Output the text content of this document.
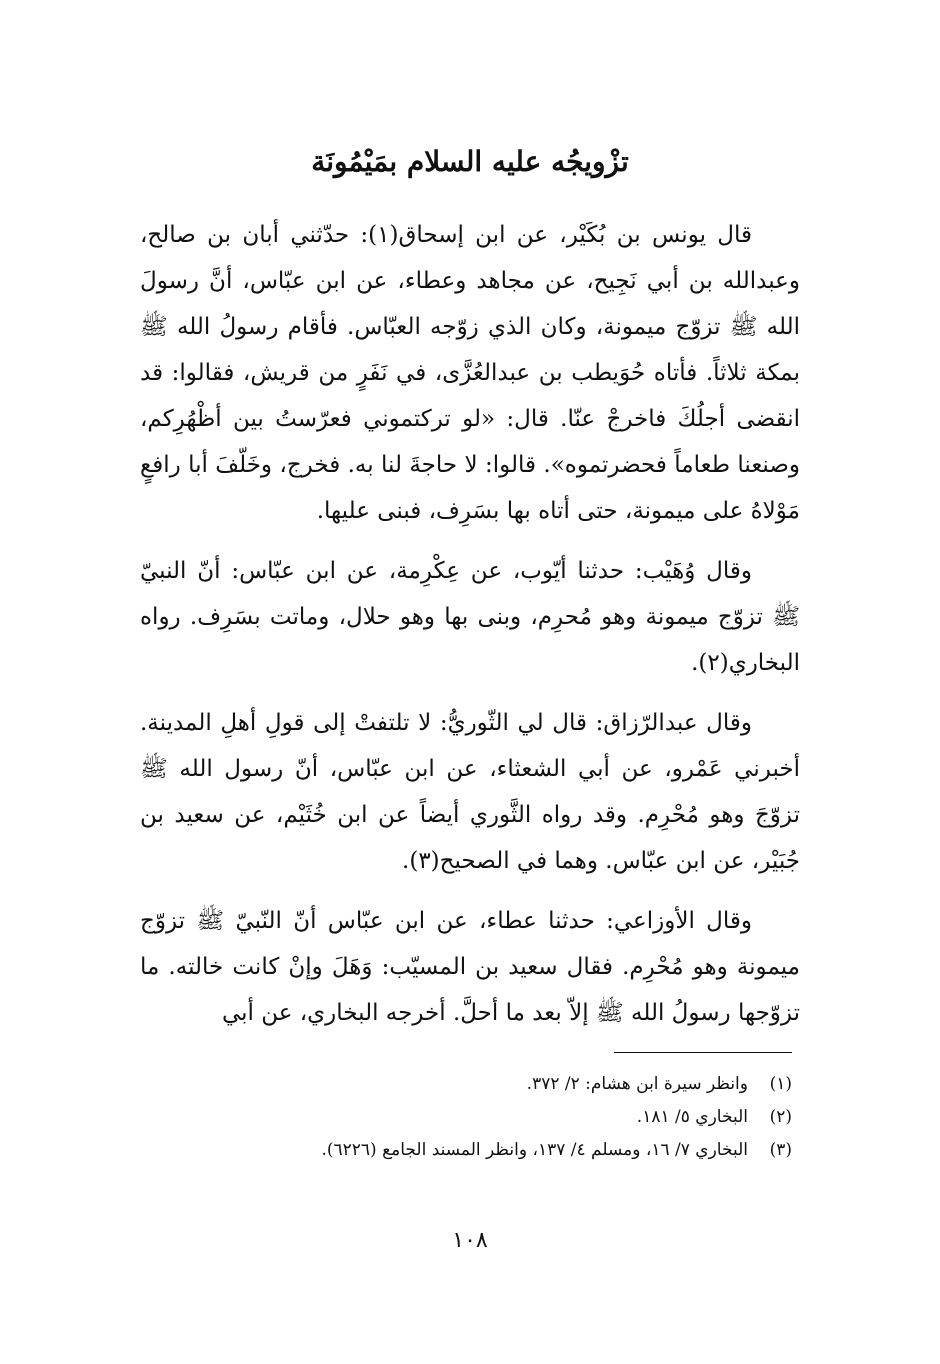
تزْويجُه عليه السلام بمَيْمُونَة

قال يونس بن بُكَيْر، عن ابن إسحاق(١): حدّثني أبان بن صالح، وعبدالله بن أبي نَجِيح، عن مجاهد وعطاء، عن ابن عبّاس، أنَّ رسولَ الله ﷺ تزوّج ميمونة، وكان الذي زوّجه العبّاس. فأقام رسولُ الله ﷺ بمكة ثلاثاً. فأتاه حُوَيطب بن عبدالعُزَّى، في نَفَرٍ من قريش، فقالوا: قد انقضى أجلُكَ فاخرجْ عنّا. قال: «لو تركتموني فعرّستُ بين أظْهُرِكم، وصنعنا طعاماً فحضرتموه». قالوا: لا حاجةَ لنا به. فخرج، وخَلّفَ أبا رافعٍ مَوْلاهُ على ميمونة، حتى أتاه بها بسَرِف، فبنى عليها.

وقال وُهَيْب: حدثنا أيّوب، عن عِكْرِمة، عن ابن عبّاس: أنّ النبيّ ﷺ تزوّج ميمونة وهو مُحرِم، وبنى بها وهو حلال، وماتت بسَرِف. رواه البخاري(٢).

وقال عبدالرّزاق: قال لي الثّوريُّ: لا تلتفتْ إلى قولِ أهلِ المدينة. أخبرني عَمْرو، عن أبي الشعثاء، عن ابن عبّاس، أنّ رسول الله ﷺ تزوّجَ وهو مُحْرِم. وقد رواه الثَّوري أيضاً عن ابن خُثَيْم، عن سعيد بن جُبَيْر، عن ابن عبّاس. وهما في الصحيح(٣).

وقال الأوزاعي: حدثنا عطاء، عن ابن عبّاس أنّ النّبيّ ﷺ تزوّج ميمونة وهو مُحْرِم. فقال سعيد بن المسيّب: وَهَلَ وإنْ كانت خالته. ما تزوّجها رسولُ الله ﷺ إلاّ بعد ما أحلَّ. أخرجه البخاري، عن أبي

(١)
وانظر سيرة ابن هشام: ٢/ ٣٧٢.
(٢)
البخاري ٥/ ١٨١.
(٣)
البخاري ٧/ ١٦، ومسلم ٤/ ١٣٧، وانظر المسند الجامع (٦٢٢٦).
١٠٨
